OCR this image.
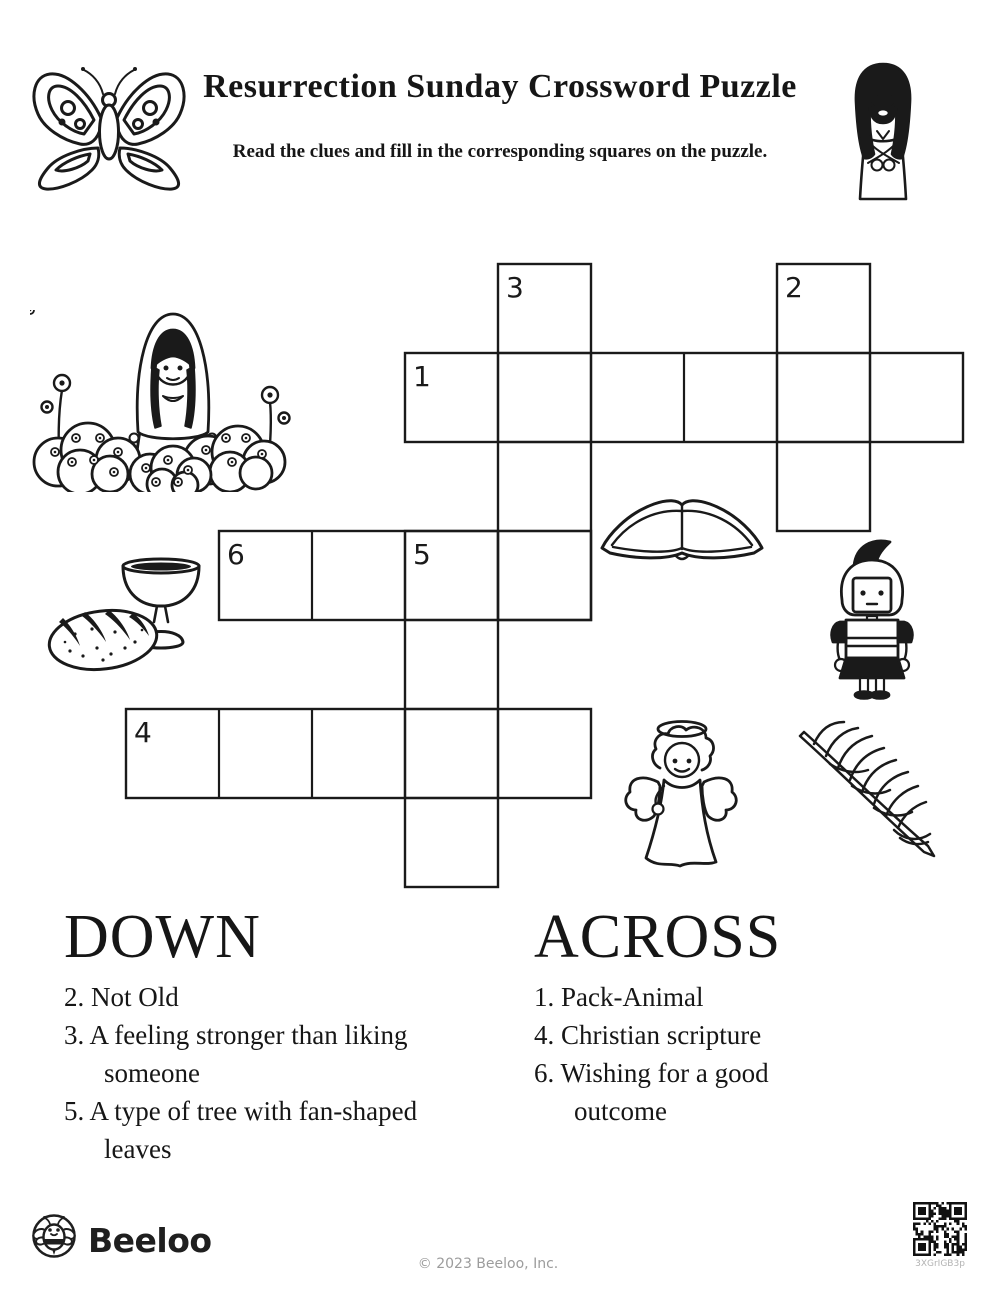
Resurrection Sunday Crossword Puzzle
Read the clues and fill in the corresponding squares on the puzzle.
1
2
3
4
5
6
DOWN
2. Not Old
3. A feeling stronger than liking someone
5. A type of tree with fan-shaped leaves
ACROSS
1. Pack-Animal
4. Christian scripture
6. Wishing for a good outcome
Beeloo
© 2023 Beeloo, Inc.	3XGrIGB3p
